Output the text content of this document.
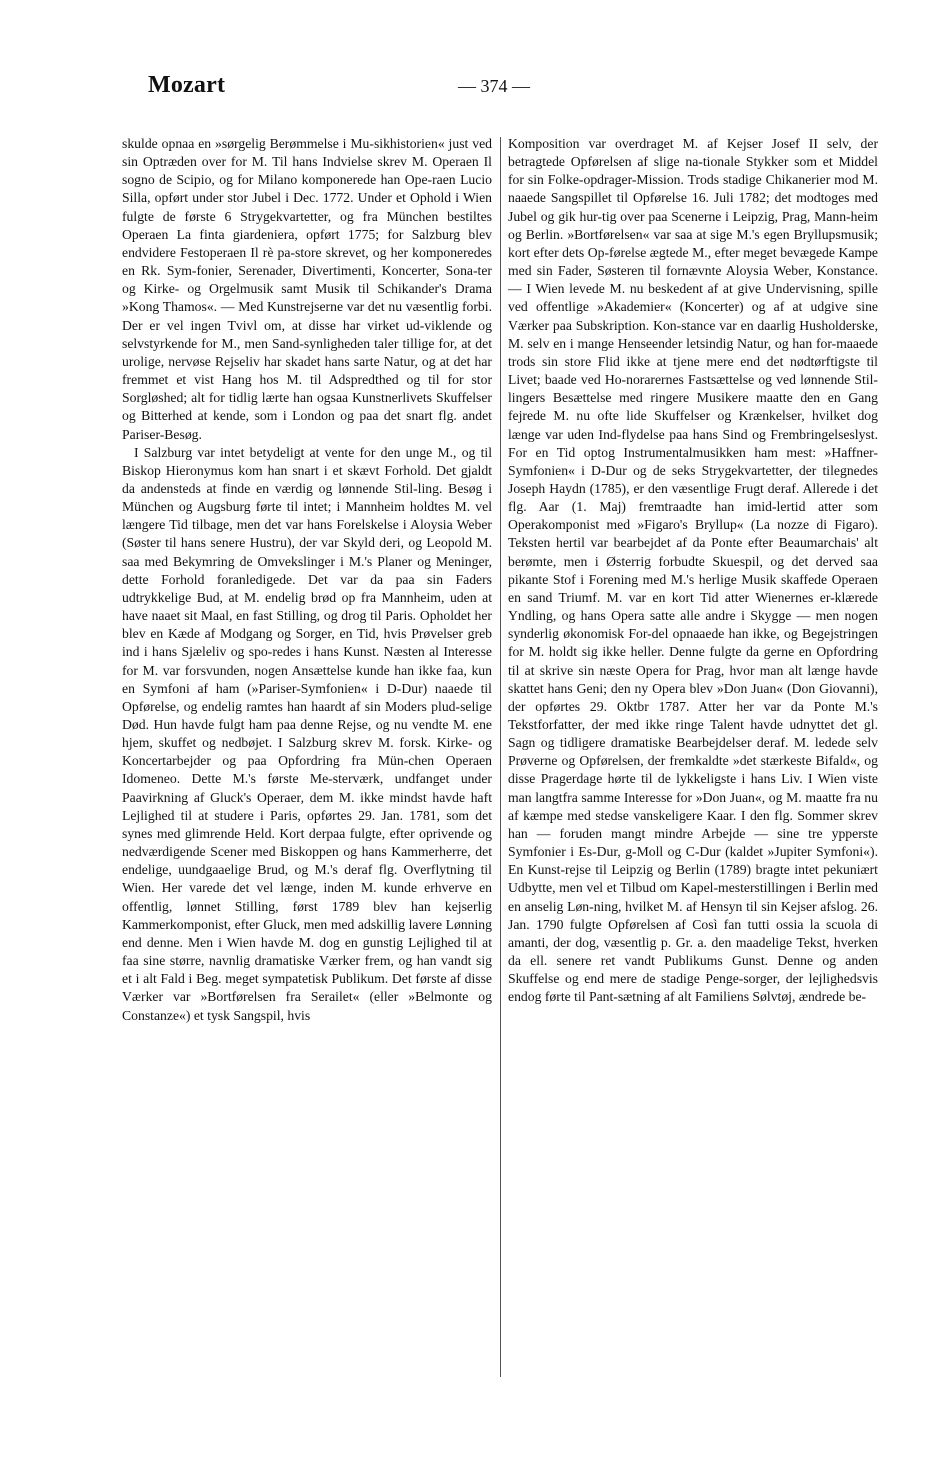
Mozart	— 374 —

skulde opnaa en »sørgelig Berømmelse i Mu-sikhistorien« just ved sin Optræden over for M. Til hans Indvielse skrev M. Operaen Il sogno de Scipio, og for Milano komponerede han Ope-raen Lucio Silla, opført under stor Jubel i Dec. 1772. Under et Ophold i Wien fulgte de første 6 Strygekvartetter, og fra München bestiltes Operaen La finta giardeniera, opført 1775; for Salzburg blev endvidere Festoperaen Il rè pa-store skrevet, og her komponeredes en Rk. Sym-fonier, Serenader, Divertimenti, Koncerter, Sona-ter og Kirke- og Orgelmusik samt Musik til Schikander's Drama »Kong Thamos«. — Med Kunstrejserne var det nu væsentlig forbi. Der er vel ingen Tvivl om, at disse har virket ud-viklende og selvstyrkende for M., men Sand-synligheden taler tillige for, at det urolige, nervøse Rejseliv har skadet hans sarte Natur, og at det har fremmet et vist Hang hos M. til Adspredthed og til for stor Sorgløshed; alt for tidlig lærte han ogsaa Kunstnerlivets Skuffelser og Bitterhed at kende, som i London og paa det snart flg. andet Pariser-Besøg.

I Salzburg var intet betydeligt at vente for den unge M., og til Biskop Hieronymus kom han snart i et skævt Forhold. Det gjaldt da andensteds at finde en værdig og lønnende Stil-ling. Besøg i München og Augsburg førte til intet; i Mannheim holdtes M. vel længere Tid tilbage, men det var hans Forelskelse i Aloysia Weber (Søster til hans senere Hustru), der var Skyld deri, og Leopold M. saa med Bekymring de Omvekslinger i M.'s Planer og Meninger, dette Forhold foranledigede. Det var da paa sin Faders udtrykkelige Bud, at M. endelig brød op fra Mannheim, uden at have naaet sit Maal, en fast Stilling, og drog til Paris. Opholdet her blev en Kæde af Modgang og Sorger, en Tid, hvis Prøvelser greb ind i hans Sjæleliv og spo-redes i hans Kunst. Næsten al Interesse for M. var forsvunden, nogen Ansættelse kunde han ikke faa, kun en Symfoni af ham (»Pariser-Symfonien« i D-Dur) naaede til Opførelse, og endelig ramtes han haardt af sin Moders plud-selige Død. Hun havde fulgt ham paa denne Rejse, og nu vendte M. ene hjem, skuffet og nedbøjet. I Salzburg skrev M. forsk. Kirke- og Koncertarbejder og paa Opfordring fra Mün-chen Operaen Idomeneo. Dette M.'s første Me-sterværk, undfanget under Paavirkning af Gluck's Operaer, dem M. ikke mindst havde haft Lejlighed til at studere i Paris, opførtes 29. Jan. 1781, som det synes med glimrende Held. Kort derpaa fulgte, efter oprivende og nedværdigende Scener med Biskoppen og hans Kammerherre, det endelige, uundgaaelige Brud, og M.'s deraf flg. Overflytning til Wien. Her varede det vel længe, inden M. kunde erhverve en offentlig, lønnet Stilling, først 1789 blev han kejserlig Kammerkomponist, efter Gluck, men med adskillig lavere Lønning end denne. Men i Wien havde M. dog en gunstig Lejlighed til at faa sine større, navnlig dramatiske Værker frem, og han vandt sig et i alt Fald i Beg. meget sympatetisk Publikum. Det første af disse Værker var »Bortførelsen fra Serailet« (eller »Belmonte og Constanze«) et tysk Sangspil, hvis

Komposition var overdraget M. af Kejser Josef II selv, der betragtede Opførelsen af slige na-tionale Stykker som et Middel for sin Folke-opdrager-Mission. Trods stadige Chikanerier mod M. naaede Sangspillet til Opførelse 16. Juli 1782; det modtoges med Jubel og gik hur-tig over paa Scenerne i Leipzig, Prag, Mann-heim og Berlin. »Bortførelsen« var saa at sige M.'s egen Bryllupsmusik; kort efter dets Op-førelse ægtede M., efter meget bevægede Kampe med sin Fader, Søsteren til fornævnte Aloysia Weber, Konstance. — I Wien levede M. nu beskedent af at give Undervisning, spille ved offentlige »Akademier« (Koncerter) og af at udgive sine Værker paa Subskription. Kon-stance var en daarlig Husholderske, M. selv en i mange Henseender letsindig Natur, og han for-maaede trods sin store Flid ikke at tjene mere end det nødtørftigste til Livet; baade ved Ho-norarernes Fastsættelse og ved lønnende Stil-lingers Besættelse med ringere Musikere maatte den en Gang fejrede M. nu ofte lide Skuffelser og Krænkelser, hvilket dog længe var uden Ind-flydelse paa hans Sind og Frembringelseslyst. For en Tid optog Instrumentalmusikken ham mest: »Haffner-Symfonien« i D-Dur og de seks Strygekvartetter, der tilegnedes Joseph Haydn (1785), er den væsentlige Frugt deraf. Allerede i det flg. Aar (1. Maj) fremtraadte han imid-lertid atter som Operakomponist med »Figaro's Bryllup« (La nozze di Figaro). Teksten hertil var bearbejdet af da Ponte efter Beaumarchais' alt berømte, men i Østerrig forbudte Skuespil, og det derved saa pikante Stof i Forening med M.'s herlige Musik skaffede Operaen en sand Triumf. M. var en kort Tid atter Wienernes er-klærede Yndling, og hans Opera satte alle andre i Skygge — men nogen synderlig økonomisk For-del opnaaede han ikke, og Begejstringen for M. holdt sig ikke heller. Denne fulgte da gerne en Opfordring til at skrive sin næste Opera for Prag, hvor man alt længe havde skattet hans Geni; den ny Opera blev »Don Juan« (Don Giovanni), der opførtes 29. Oktbr 1787. Atter her var da Ponte M.'s Tekstforfatter, der med ikke ringe Talent havde udnyttet det gl. Sagn og tidligere dramatiske Bearbejdelser deraf. M. ledede selv Prøverne og Opførelsen, der fremkaldte »det stærkeste Bifald«, og disse Pragerdage hørte til de lykkeligste i hans Liv. I Wien viste man langtfra samme Interesse for »Don Juan«, og M. maatte fra nu af kæmpe med stedse vanskeligere Kaar. I den flg. Sommer skrev han — foruden mangt mindre Arbejde — sine tre ypperste Symfonier i Es-Dur, g-Moll og C-Dur (kaldet »Jupiter Symfoni«). En Kunst-rejse til Leipzig og Berlin (1789) bragte intet pekuniært Udbytte, men vel et Tilbud om Kapel-mesterstillingen i Berlin med en anselig Løn-ning, hvilket M. af Hensyn til sin Kejser afslog. 26. Jan. 1790 fulgte Opførelsen af Così fan tutti ossia la scuola di amanti, der dog, væsentlig p. Gr. a. den maadelige Tekst, hverken da ell. senere ret vandt Publikums Gunst. Denne og anden Skuffelse og end mere de stadige Penge-sorger, der lejlighedsvis endog førte til Pant-sætning af alt Familiens Sølvtøj, ændrede be-
